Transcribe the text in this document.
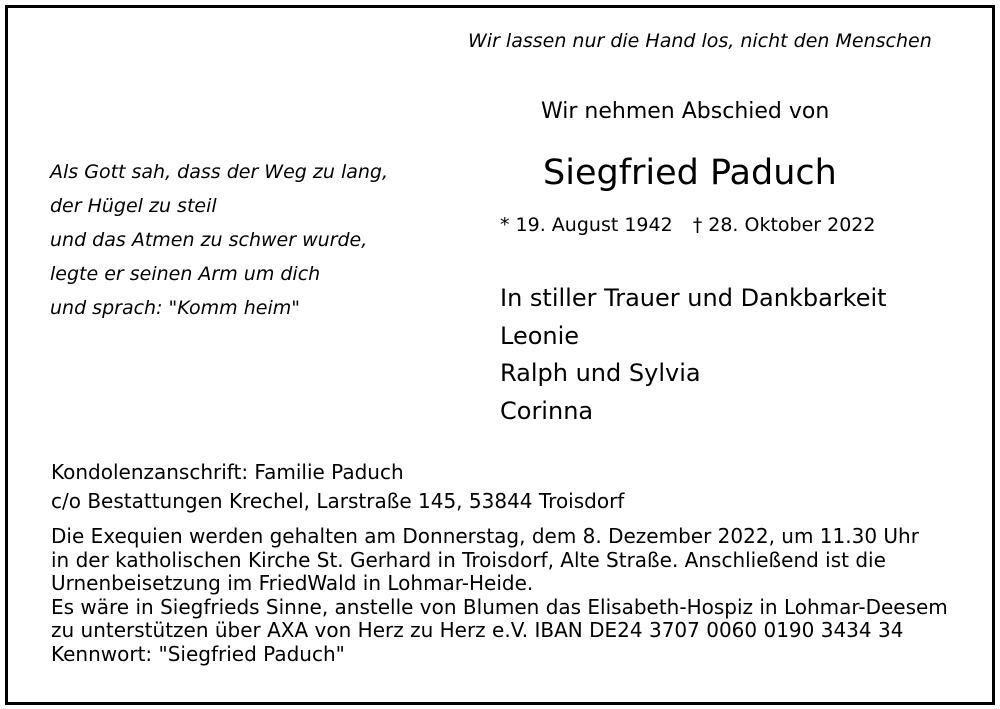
Wir lassen nur die Hand los, nicht den Menschen
Wir nehmen Abschied von
Siegfried Paduch
* 19. August 1942 † 28. Oktober 2022
Als Gott sah, dass der Weg zu lang,
der Hügel zu steil
und das Atmen zu schwer wurde,
legte er seinen Arm um dich
und sprach: "Komm heim"	In stiller Trauer und Dankbarkeit
Leonie
Ralph und Sylvia
Corinna
Kondolenzanschrift: Familie Paduch
c/o Bestattungen Krechel, Larstraße 145, 53844 Troisdorf
Die Exequien werden gehalten am Donnerstag, dem 8. Dezember 2022, um 11.30 Uhr
in der katholischen Kirche St. Gerhard in Troisdorf, Alte Straße. Anschließend ist die
Urnenbeisetzung im FriedWald in Lohmar-Heide.
Es wäre in Siegfrieds Sinne, anstelle von Blumen das Elisabeth-Hospiz in Lohmar-Deesem
zu unterstützen über AXA von Herz zu Herz e.V. IBAN DE24 3707 0060 0190 3434 34
Kennwort: "Siegfried Paduch"
